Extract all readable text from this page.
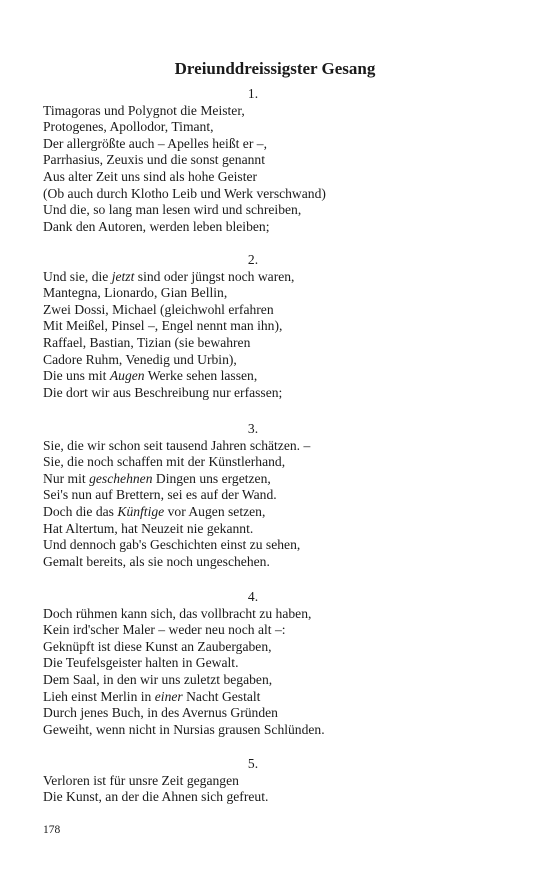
Dreiunddreissigster Gesang
1.
Timagoras und Polygnot die Meister,
Protogenes, Apollodor, Timant,
Der allergrößte auch – Apelles heißt er –,
Parrhasius, Zeuxis und die sonst genannt
Aus alter Zeit uns sind als hohe Geister
(Ob auch durch Klotho Leib und Werk verschwand)
Und die, so lang man lesen wird und schreiben,
Dank den Autoren, werden leben bleiben;
2.
Und sie, die jetzt sind oder jüngst noch waren,
Mantegna, Lionardo, Gian Bellin,
Zwei Dossi, Michael (gleichwohl erfahren
Mit Meißel, Pinsel –, Engel nennt man ihn),
Raffael, Bastian, Tizian (sie bewahren
Cadore Ruhm, Venedig und Urbin),
Die uns mit Augen Werke sehen lassen,
Die dort wir aus Beschreibung nur erfassen;
3.
Sie, die wir schon seit tausend Jahren schätzen. –
Sie, die noch schaffen mit der Künstlerhand,
Nur mit geschehnen Dingen uns ergetzen,
Sei's nun auf Brettern, sei es auf der Wand.
Doch die das Künftige vor Augen setzen,
Hat Altertum, hat Neuzeit nie gekannt.
Und dennoch gab's Geschichten einst zu sehen,
Gemalt bereits, als sie noch ungeschehen.
4.
Doch rühmen kann sich, das vollbracht zu haben,
Kein ird'scher Maler – weder neu noch alt –:
Geknüpft ist diese Kunst an Zaubergaben,
Die Teufelsgeister halten in Gewalt.
Dem Saal, in den wir uns zuletzt begaben,
Lieh einst Merlin in einer Nacht Gestalt
Durch jenes Buch, in des Avernus Gründen
Geweiht, wenn nicht in Nursias grausen Schlünden.
5.
Verloren ist für unsre Zeit gegangen
Die Kunst, an der die Ahnen sich gefreut.
178
